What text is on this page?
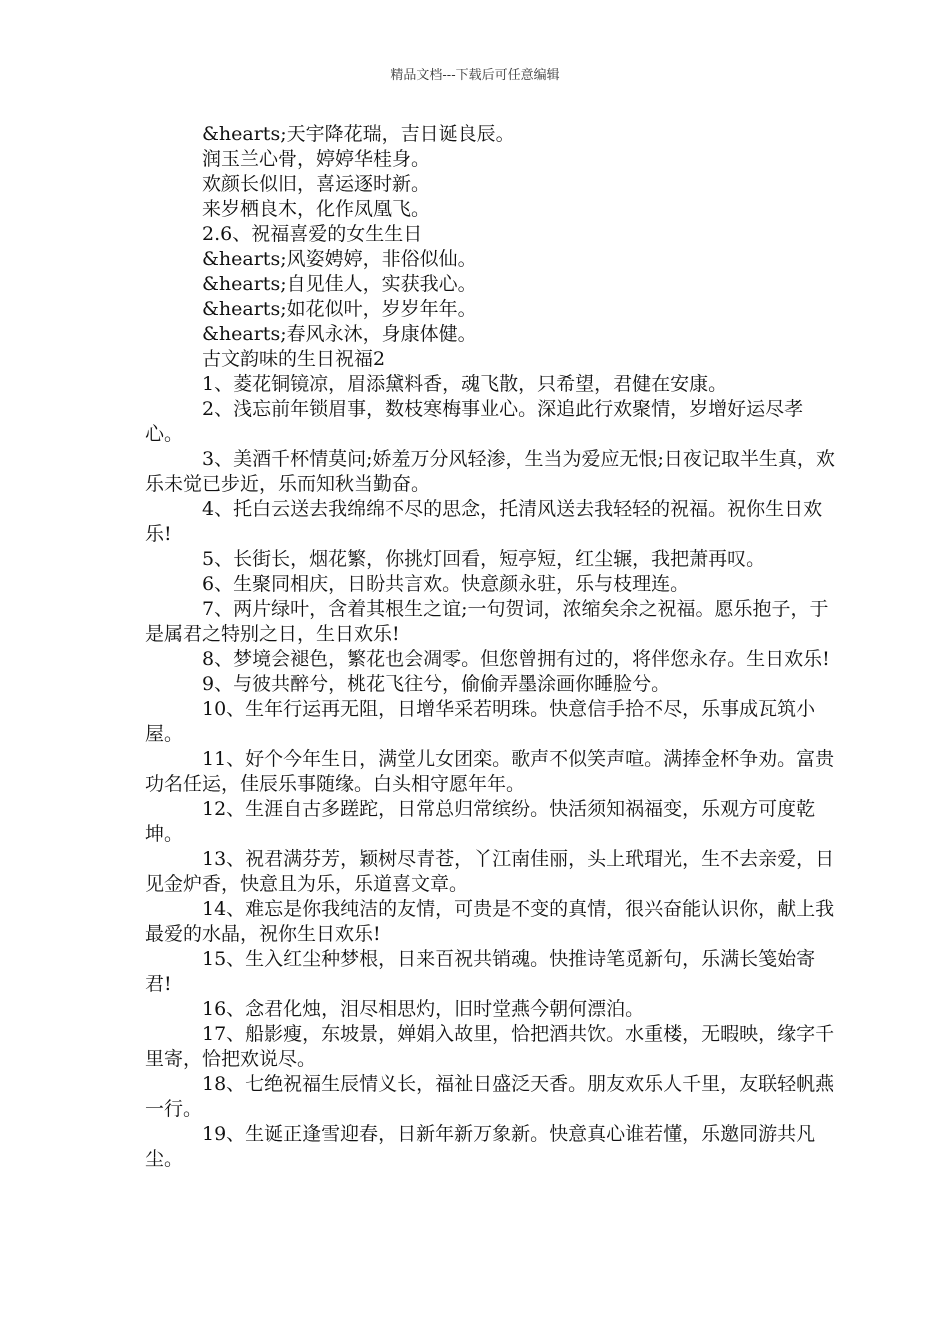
精品文档---下载后可任意编辑

&hearts;天宇降花瑞，吉日诞良辰。

润玉兰心骨，婷婷华桂身。

欢颜长似旧，喜运逐时新。

来岁栖良木，化作凤凰飞。

2.6、祝福喜爱的女生生日

&hearts;风姿娉婷，非俗似仙。

&hearts;自见佳人，实获我心。

&hearts;如花似叶，岁岁年年。

&hearts;春风永沐，身康体健。

古文韵味的生日祝福2

1、菱花铜镜凉，眉添黛料香，魂飞散，只希望，君健在安康。

2、浅忘前年锁眉事，数枝寒梅事业心。深追此行欢聚情，岁增好运尽孝心。

3、美酒千杯情莫问;娇羞万分风轻渗，生当为爱应无恨;日夜记取半生真，欢乐未觉已步近，乐而知秋当勤奋。

4、托白云送去我绵绵不尽的思念，托清风送去我轻轻的祝福。祝你生日欢乐!

5、长街长，烟花繁，你挑灯回看，短亭短，红尘辗，我把萧再叹。

6、生聚同相庆，日盼共言欢。快意颜永驻，乐与枝理连。

7、两片绿叶，含着其根生之谊;一句贺词，浓缩矣余之祝福。愿乐抱子，于是属君之特别之日，生日欢乐!

8、梦境会褪色，繁花也会凋零。但您曾拥有过的，将伴您永存。生日欢乐!

9、与彼共醉兮，桃花飞往兮，偷偷弄墨涂画你睡脸兮。

10、生年行运再无阻，日增华采若明珠。快意信手拾不尽，乐事成瓦筑小屋。

11、好个今年生日，满堂儿女团栾。歌声不似笑声喧。满捧金杯争劝。富贵功名任运，佳辰乐事随缘。白头相守愿年年。

12、生涯自古多蹉跎，日常总归常缤纷。快活须知祸福变，乐观方可度乾坤。

13、祝君满芬芳，颖树尽青苍，丫江南佳丽，头上玳瑁光，生不去亲爱，日见金炉香，快意且为乐，乐道喜文章。

14、难忘是你我纯洁的友情，可贵是不变的真情，很兴奋能认识你，献上我最爱的水晶，祝你生日欢乐!

15、生入红尘种梦根，日来百祝共销魂。快推诗笔觅新句，乐满长笺始寄君!

16、念君化烛，泪尽相思灼，旧时堂燕今朝何漂泊。

17、船影瘦，东坡景，婵娟入故里，恰把酒共饮。水重楼，无暇映，缘字千里寄，恰把欢说尽。

18、七绝祝福生辰情义长，福祉日盛泛天香。朋友欢乐人千里，友联轻帆燕一行。

19、生诞正逢雪迎春，日新年新万象新。快意真心谁若懂，乐邀同游共凡尘。
